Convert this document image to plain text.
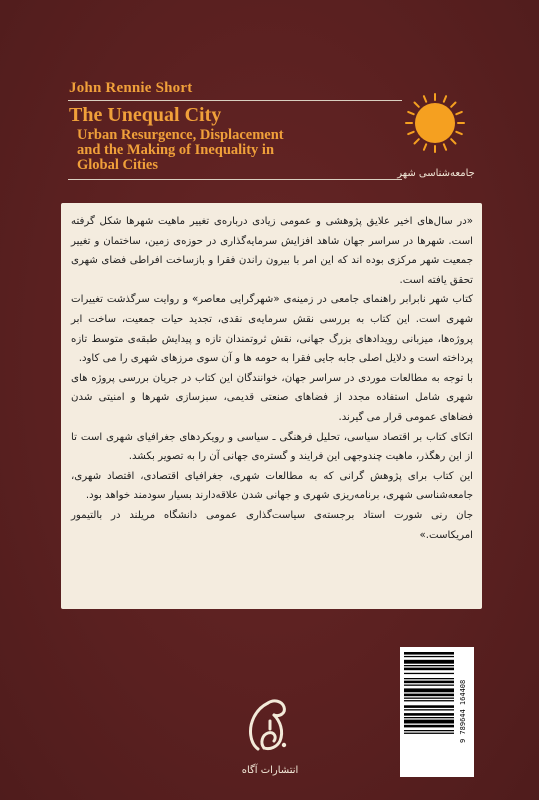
John Rennie Short
The Unequal City
Urban Resurgence, Displacement
and the Making of Inequality in
Global Cities
جامعه‌شناسی شهر

«در سال‌های اخیر علایق پژوهشی و عمومی زیادی درباره‌ی تغییر ماهیت شهرها شکل گرفته است. شهرها در سراسر جهان شاهد افزایش سرمایه‌گذاری در حوزه‌ی زمین، ساختمان و تغییر جمعیت شهر مرکزی بوده اند که این امر با بیرون راندن فقرا و بازساخت افراطی فضای شهری تحقق یافته است.

کتاب شهر نابرابر راهنمای جامعی در زمینه‌ی «شهرگرایی معاصر» و روایت سرگذشت تغییرات شهری است. این کتاب به بررسی نقش سرمایه‌ی نقدی، تجدید حیات جمعیت، ساخت ابر پروژه‌ها، میزبانی رویدادهای بزرگ جهانی، نقش ثروتمندان تازه و پیدایش طبقه‌ی متوسط تازه پرداخته است و دلایل اصلی جابه جایی فقرا به حومه ها و آن سوی مرزهای شهری را می کاود.

با توجه به مطالعات موردی در سراسر جهان، خوانندگان این کتاب در جریان بررسی پروژه های شهری شامل استفاده مجدد از فضاهای صنعتی قدیمی، سبزسازی شهرها و امنیتی شدن فضاهای عمومی قرار می گیرند.

اتکای کتاب بر اقتصاد سیاسی، تحلیل فرهنگی ـ سیاسی و رویکردهای جغرافیای شهری است تا از این رهگذر، ماهیت چندوجهی این فرایند و گستره‌ی جهانی آن را به تصویر بکشد.

این کتاب برای پژوهش گرانی که به مطالعات شهری، جغرافیای اقتصادی، اقتصاد شهری، جامعه‌شناسی شهری، برنامه‌ریزی شهری و جهانی شدن علاقه‌دارند بسیار سودمند خواهد بود.

جان رنی شورت استاد برجسته‌ی سیاست‌گذاری عمومی دانشگاه مریلند در بالتیمور امریکاست.»

9 789644 164408
انتشارات آگاه
